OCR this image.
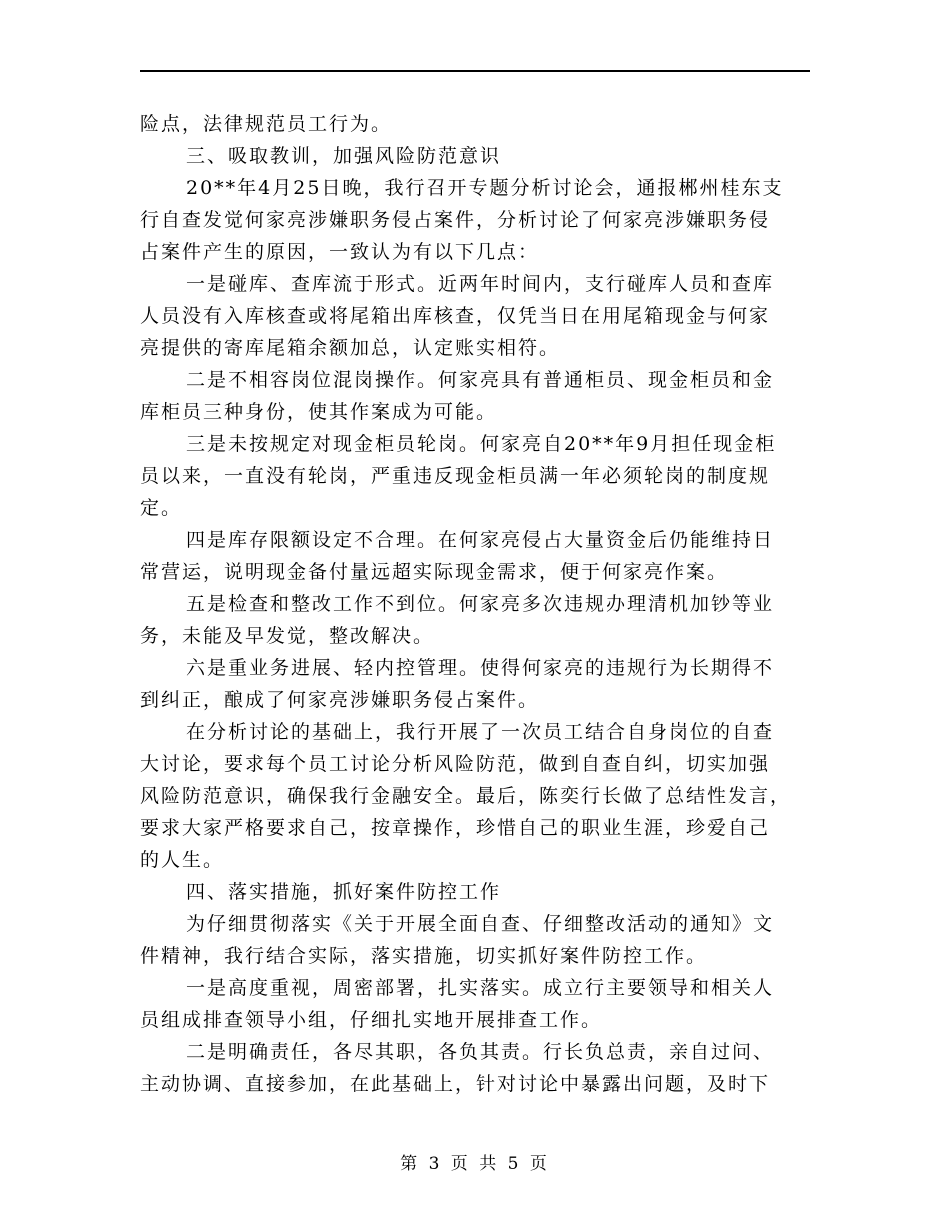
险点，法律规范员工行为。
三、吸取教训，加强风险防范意识
20**年4月25日晚，我行召开专题分析讨论会，通报郴州桂东支
行自查发觉何家亮涉嫌职务侵占案件，分析讨论了何家亮涉嫌职务侵
占案件产生的原因，一致认为有以下几点：
一是碰库、查库流于形式。近两年时间内，支行碰库人员和查库
人员没有入库核查或将尾箱出库核查，仅凭当日在用尾箱现金与何家
亮提供的寄库尾箱余额加总，认定账实相符。
二是不相容岗位混岗操作。何家亮具有普通柜员、现金柜员和金
库柜员三种身份，使其作案成为可能。
三是未按规定对现金柜员轮岗。何家亮自20**年9月担任现金柜
员以来，一直没有轮岗，严重违反现金柜员满一年必须轮岗的制度规
定。
四是库存限额设定不合理。在何家亮侵占大量资金后仍能维持日
常营运，说明现金备付量远超实际现金需求，便于何家亮作案。
五是检查和整改工作不到位。何家亮多次违规办理清机加钞等业
务，未能及早发觉，整改解决。
六是重业务进展、轻内控管理。使得何家亮的违规行为长期得不
到纠正，酿成了何家亮涉嫌职务侵占案件。
在分析讨论的基础上，我行开展了一次员工结合自身岗位的自查
大讨论，要求每个员工讨论分析风险防范，做到自查自纠，切实加强
风险防范意识，确保我行金融安全。最后，陈奕行长做了总结性发言，
要求大家严格要求自己，按章操作，珍惜自己的职业生涯，珍爱自己
的人生。
四、落实措施，抓好案件防控工作
为仔细贯彻落实《关于开展全面自查、仔细整改活动的通知》文
件精神，我行结合实际，落实措施，切实抓好案件防控工作。
一是高度重视，周密部署，扎实落实。成立行主要领导和相关人
员组成排查领导小组，仔细扎实地开展排查工作。
二是明确责任，各尽其职，各负其责。行长负总责，亲自过问、
主动协调、直接参加，在此基础上，针对讨论中暴露出问题，及时下
第 3 页 共 5 页
